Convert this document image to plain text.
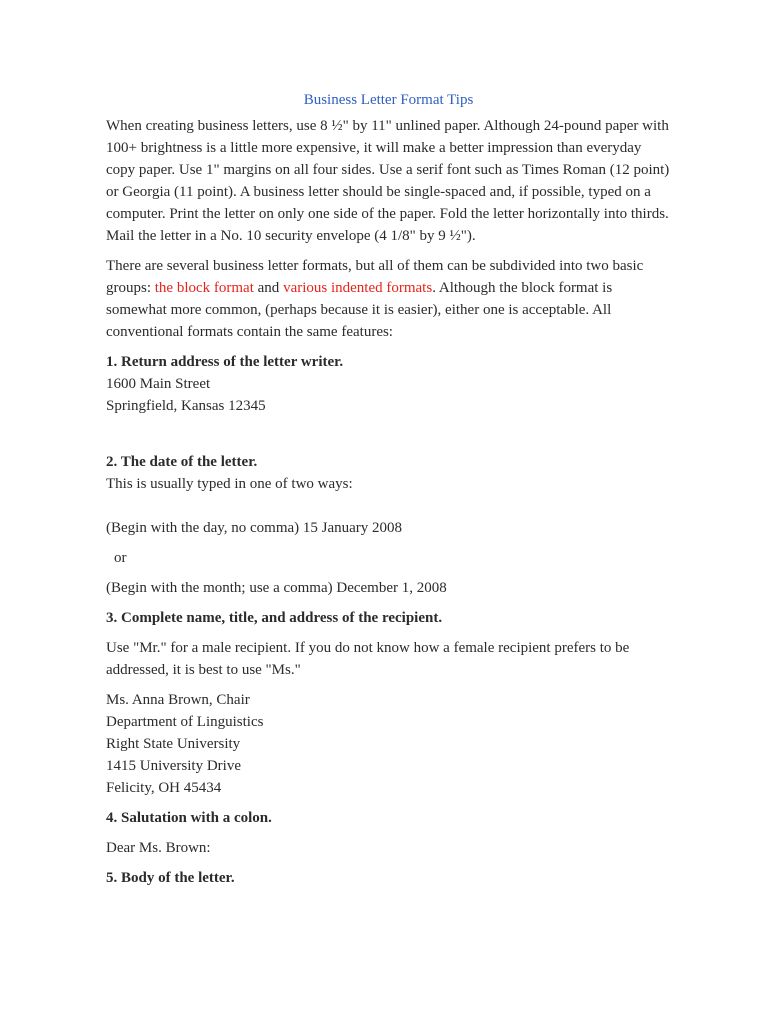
Business Letter Format Tips

When creating business letters, use 8 ½" by 11" unlined paper. Although 24-pound paper with 100+ brightness is a little more expensive, it will make a better impression than everyday copy paper. Use 1" margins on all four sides. Use a serif font such as Times Roman (12 point) or Georgia (11 point). A business letter should be single-spaced and, if possible, typed on a computer. Print the letter on only one side of the paper. Fold the letter horizontally into thirds. Mail the letter in a No. 10 security envelope (4 1/8" by 9 ½").

There are several business letter formats, but all of them can be subdivided into two basic groups: the block format and various indented formats. Although the block format is somewhat more common, (perhaps because it is easier), either one is acceptable. All conventional formats contain the same features:

1. Return address of the letter writer.
1600 Main Street
Springfield, Kansas 12345
2. The date of the letter.
This is usually typed in one of two ways:

(Begin with the day, no comma) 15 January 2008

or

(Begin with the month; use a comma) December 1, 2008

3. Complete name, title, and address of the recipient.

Use "Mr." for a male recipient. If you do not know how a female recipient prefers to be addressed, it is best to use "Ms."

Ms. Anna Brown, Chair
Department of Linguistics
Right State University
1415 University Drive
Felicity, OH 45434

4. Salutation with a colon.

Dear Ms. Brown:

5. Body of the letter.
